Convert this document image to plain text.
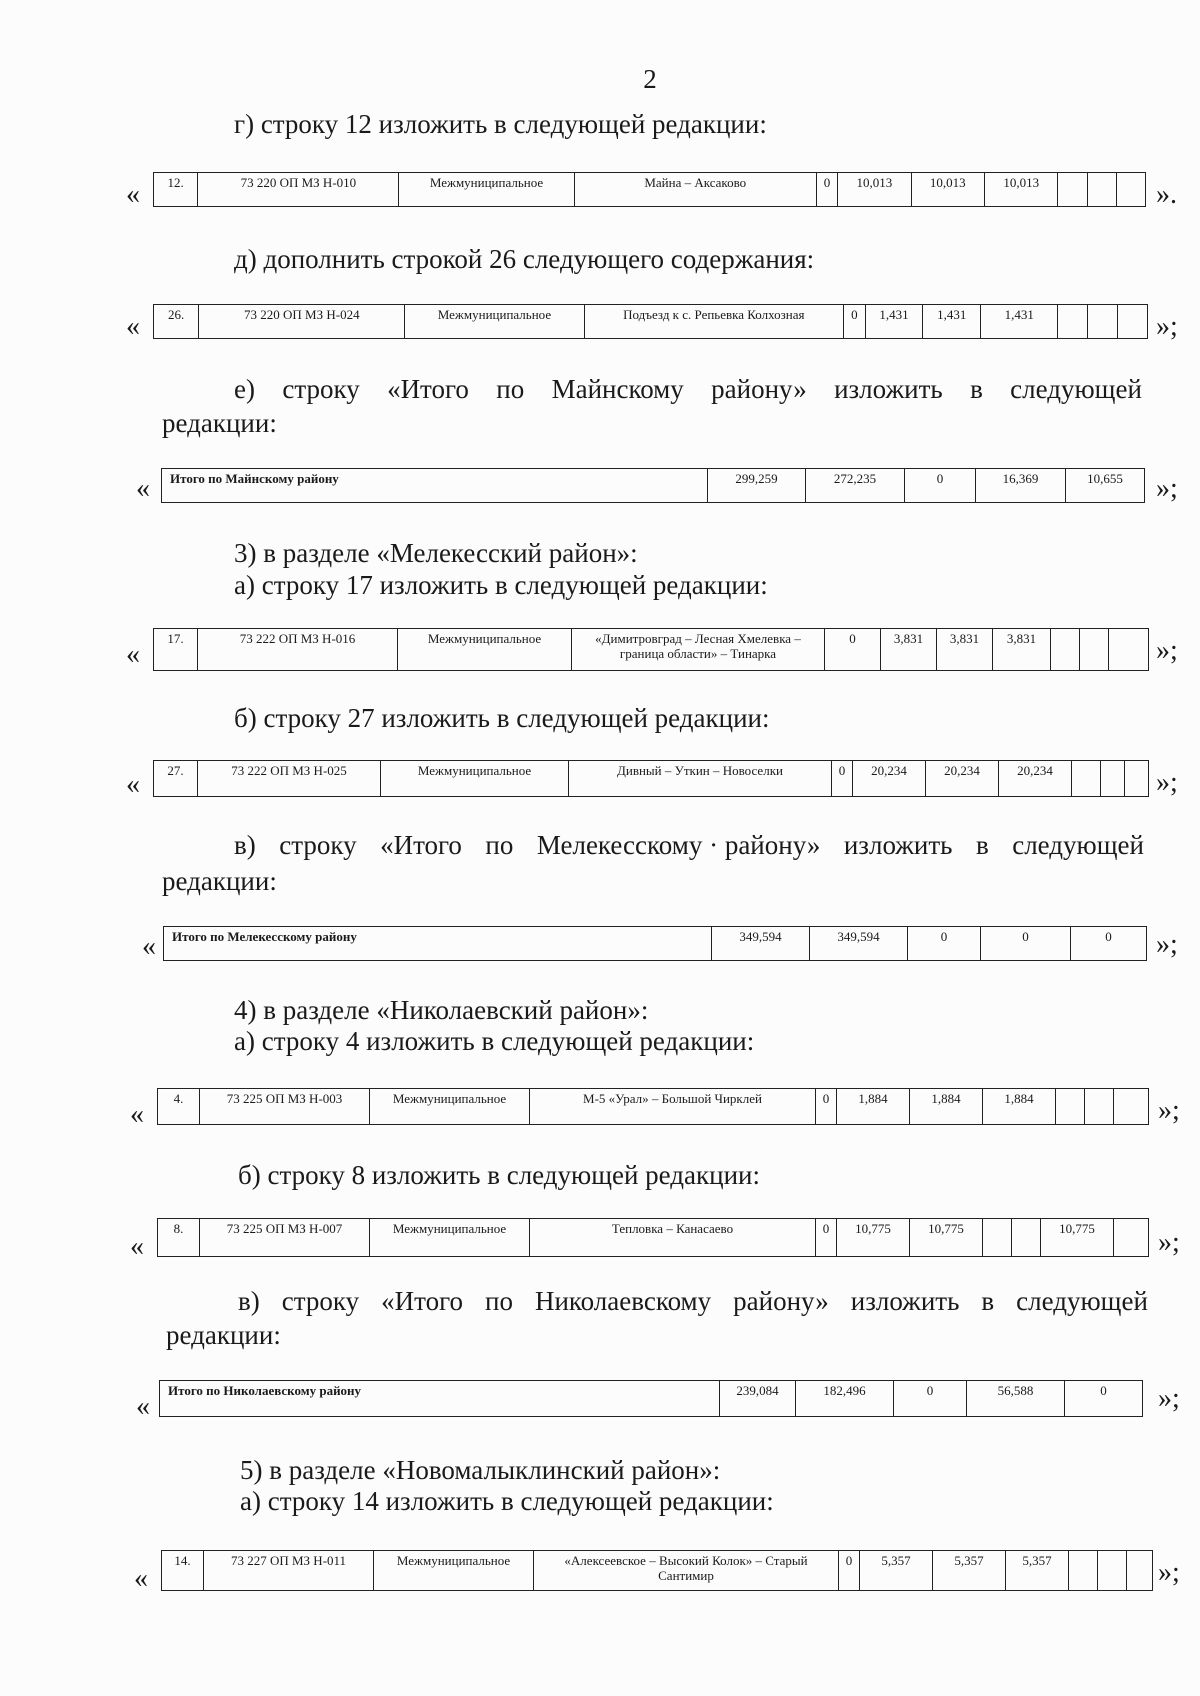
2
г) строку 12 изложить в следующей редакции:
« 12.	73 220 ОП МЗ Н-010	Межмуниципальное	Майна – Аксаково	0	10,013	10,013	10,013				».
д) дополнить строкой 26 следующего содержания:
« 26.	73 220 ОП МЗ Н-024	Межмуниципальное	Подъезд к с. Репьевка Колхозная	0	1,431	1,431	1,431				»;
е) строку «Итого по Майнскому району» изложить в следующей
редакции:
« Итого по Майнскому району	299,259	272,235	0	16,369	10,655 »;
3) в разделе «Мелекесский район»:
а) строку 17 изложить в следующей редакции:
«
17.	73 222 ОП МЗ Н-016	Межмуниципальное	«Димитровград – Лесная Хмелевка – граница области» – Тинарка	0	3,831	3,831	3,831				»;
б) строку 27 изложить в следующей редакции:
« 27.	73 222 ОП МЗ Н-025	Межмуниципальное	Дивный – Уткин – Новоселки	0	20,234	20,234	20,234				»;
в) строку «Итого по Мелекесскому · району» изложить в следующей
редакции:
« Итого по Мелекесскому району	349,594	349,594	0	0	0 »;
4) в разделе «Николаевский район»:
а) строку 4 изложить в следующей редакции:
«
4.	73 225 ОП МЗ Н-003	Межмуниципальное	М-5 «Урал» – Большой Чирклей	0	1,884	1,884	1,884				»;
б) строку 8 изложить в следующей редакции:
«
8.	73 225 ОП МЗ Н-007	Межмуниципальное	Тепловка – Канасаево	0	10,775	10,775			10,775	»;
в) строку «Итого по Николаевскому району» изложить в следующей
редакции:
«
Итого по Николаевскому району	239,084	182,496	0	56,588	0 »;
5) в разделе «Новомалыклинский район»:
а) строку 14 изложить в следующей редакции:
«
14.	73 227 ОП МЗ Н-011	Межмуниципальное	«Алексеевское – Высокий Колок» – Старый Сантимир	0	5,357	5,357	5,357				»;
